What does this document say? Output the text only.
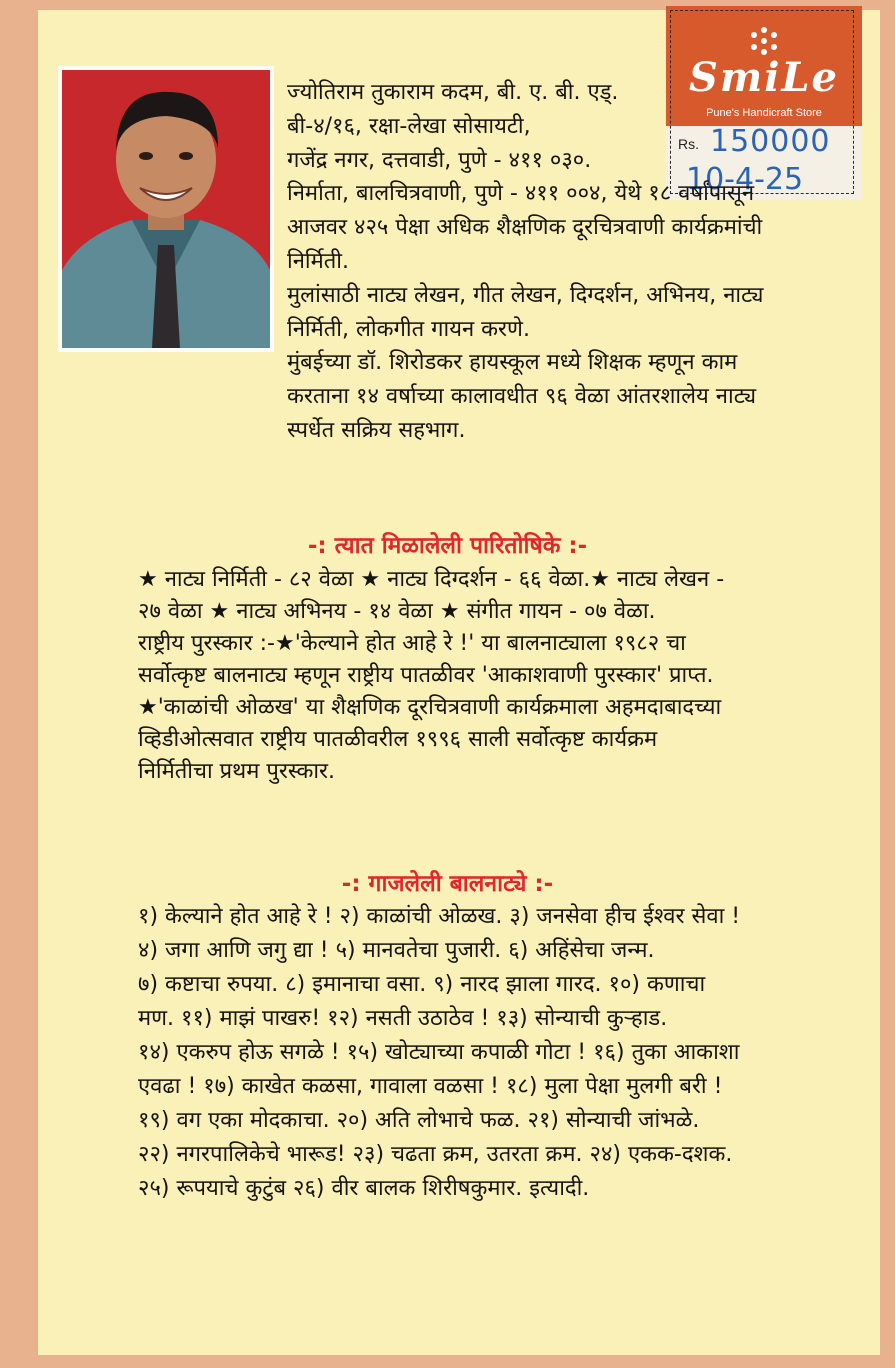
SmiLe
Pune's Handicraft Store
Rs. 150000
10-4-25
ज्योतिराम तुकाराम कदम, बी. ए. बी. एड्.
बी-४/१६, रक्षा-लेखा सोसायटी,
गजेंद्र नगर, दत्तवाडी, पुणे - ४११ ०३०.
निर्माता, बालचित्रवाणी, पुणे - ४११ ००४, येथे १८ वर्षांपासून
आजवर ४२५ पेक्षा अधिक शैक्षणिक दूरचित्रवाणी कार्यक्रमांची
निर्मिती.
मुलांसाठी नाट्य लेखन, गीत लेखन, दिग्दर्शन, अभिनय, नाट्य
निर्मिती, लोकगीत गायन करणे.
मुंबईच्या डॉ. शिरोडकर हायस्कूल मध्ये शिक्षक म्हणून काम
करताना १४ वर्षाच्या कालावधीत ९६ वेळा आंतरशालेय नाट्य
स्पर्धेत सक्रिय सहभाग.
-: त्यात मिळालेली पारितोषिके :-
★ नाट्य निर्मिती - ८२ वेळा ★ नाट्य दिग्दर्शन - ६६ वेळा.★ नाट्य लेखन -
२७ वेळा ★ नाट्य अभिनय - १४ वेळा ★ संगीत गायन - ०७ वेळा.
राष्ट्रीय पुरस्कार :-★'केल्याने होत आहे रे !' या बालनाट्याला १९८२ चा
सर्वोत्कृष्ट बालनाट्य म्हणून राष्ट्रीय पातळीवर 'आकाशवाणी पुरस्कार' प्राप्त.
★'काळांची ओळख' या शैक्षणिक दूरचित्रवाणी कार्यक्रमाला अहमदाबादच्या
व्हिडीओत्सवात राष्ट्रीय पातळीवरील १९९६ साली सर्वोत्कृष्ट कार्यक्रम
निर्मितीचा प्रथम पुरस्कार.
-: गाजलेली बालनाट्ये :-
१) केल्याने होत आहे रे ! २) काळांची ओळख. ३) जनसेवा हीच ईश्वर सेवा !
४) जगा आणि जगु द्या ! ५) मानवतेचा पुजारी. ६) अहिंसेचा जन्म.
७) कष्टाचा रुपया. ८) इमानाचा वसा. ९) नारद झाला गारद. १०) कणाचा
मण. ११) माझं पाखरु! १२) नसती उठाठेव ! १३) सोन्याची कुऱ्हाड.
१४) एकरुप होऊ सगळे ! १५) खोट्याच्या कपाळी गोटा ! १६) तुका आकाशा
एवढा ! १७) काखेत कळसा, गावाला वळसा ! १८) मुला पेक्षा मुलगी बरी !
१९) वग एका मोदकाचा. २०) अति लोभाचे फळ. २१) सोन्याची जांभळे.
२२) नगरपालिकेचे भारूड! २३) चढता क्रम, उतरता क्रम. २४) एकक-दशक.
२५) रूपयाचे कुटुंब २६) वीर बालक शिरीषकुमार. इत्यादी.
